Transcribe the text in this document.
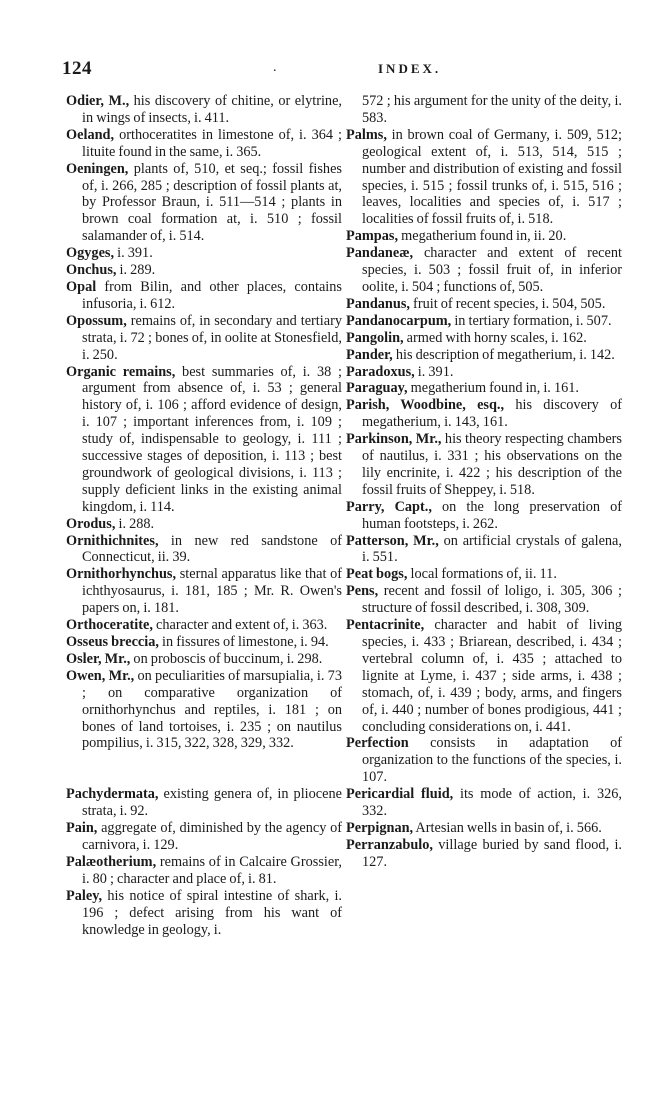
124	.	INDEX.

Odier, M., his discovery of chitine, or elytrine, in wings of insects, i. 411.

Oeland, orthoceratites in limestone of, i. 364 ; lituite found in the same, i. 365.

Oeningen, plants of, 510, et seq.; fossil fishes of, i. 266, 285 ; description of fossil plants at, by Professor Braun, i. 511—514 ; plants in brown coal formation at, i. 510 ; fossil salamander of, i. 514.

Ogyges, i. 391.

Onchus, i. 289.

Opal from Bilin, and other places, contains infusoria, i. 612.

Opossum, remains of, in secondary and tertiary strata, i. 72 ; bones of, in oolite at Stonesfield, i. 250.

Organic remains, best summaries of, i. 38 ; argument from absence of, i. 53 ; general history of, i. 106 ; afford evidence of design, i. 107 ; important inferences from, i. 109 ; study of, indispensable to geology, i. 111 ; successive stages of deposition, i. 113 ; best groundwork of geological divisions, i. 113 ; supply deficient links in the existing animal kingdom, i. 114.

Orodus, i. 288.

Ornithichnites, in new red sandstone of Connecticut, ii. 39.

Ornithorhynchus, sternal apparatus like that of ichthyosaurus, i. 181, 185 ; Mr. R. Owen's papers on, i. 181.

Orthoceratite, character and extent of, i. 363.

Osseus breccia, in fissures of limestone, i. 94.

Osler, Mr., on proboscis of buccinum, i. 298.

Owen, Mr., on peculiarities of marsupialia, i. 73 ; on comparative organization of ornithorhynchus and reptiles, i. 181 ; on bones of land tortoises, i. 235 ; on nautilus pompilius, i. 315, 322, 328, 329, 332.

Pachydermata, existing genera of, in pliocene strata, i. 92.

Pain, aggregate of, diminished by the agency of carnivora, i. 129.

Palæotherium, remains of in Calcaire Grossier, i. 80 ; character and place of, i. 81.

Paley, his notice of spiral intestine of shark, i. 196 ; defect arising from his want of knowledge in geology, i.

572 ; his argument for the unity of the deity, i. 583.

Palms, in brown coal of Germany, i. 509, 512; geological extent of, i. 513, 514, 515 ; number and distribution of existing and fossil species, i. 515 ; fossil trunks of, i. 515, 516 ; leaves, localities and species of, i. 517 ; localities of fossil fruits of, i. 518.

Pampas, megatherium found in, ii. 20.

Pandaneæ, character and extent of recent species, i. 503 ; fossil fruit of, in inferior oolite, i. 504 ; functions of, 505.

Pandanus, fruit of recent species, i. 504, 505.

Pandanocarpum, in tertiary formation, i. 507.

Pangolin, armed with horny scales, i. 162.

Pander, his description of megatherium, i. 142.

Paradoxus, i. 391.

Paraguay, megatherium found in, i. 161.

Parish, Woodbine, esq., his discovery of megatherium, i. 143, 161.

Parkinson, Mr., his theory respecting chambers of nautilus, i. 331 ; his observations on the lily encrinite, i. 422 ; his description of the fossil fruits of Sheppey, i. 518.

Parry, Capt., on the long preservation of human footsteps, i. 262.

Patterson, Mr., on artificial crystals of galena, i. 551.

Peat bogs, local formations of, ii. 11.

Pens, recent and fossil of loligo, i. 305, 306 ; structure of fossil described, i. 308, 309.

Pentacrinite, character and habit of living species, i. 433 ; Briarean, described, i. 434 ; vertebral column of, i. 435 ; attached to lignite at Lyme, i. 437 ; side arms, i. 438 ; stomach, of, i. 439 ; body, arms, and fingers of, i. 440 ; number of bones prodigious, 441 ; concluding considerations on, i. 441.

Perfection consists in adaptation of organization to the functions of the species, i. 107.

Pericardial fluid, its mode of action, i. 326, 332.

Perpignan, Artesian wells in basin of, i. 566.

Perranzabulo, village buried by sand flood, i. 127.
